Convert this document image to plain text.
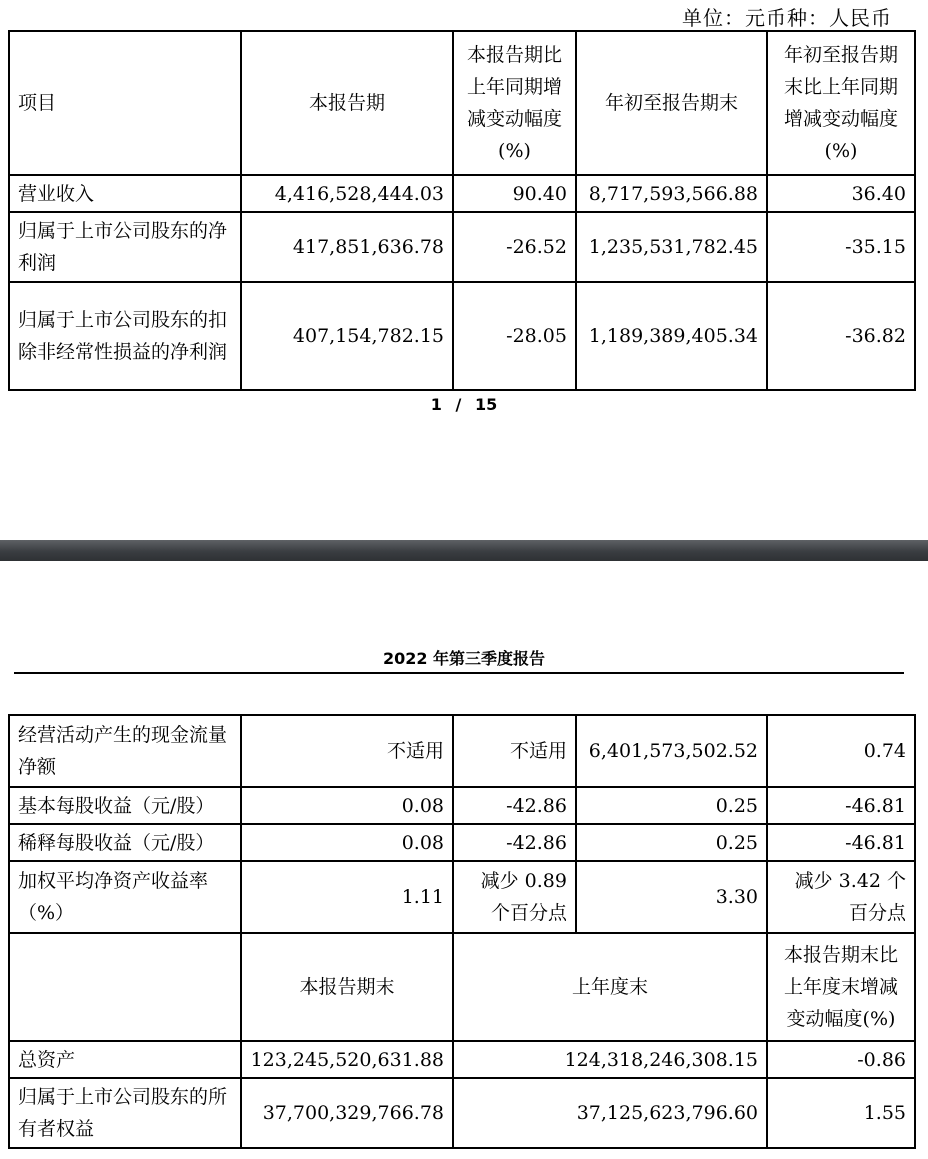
单位：元币种：人民币
项目	本报告期	本报告期比上年同期增减变动幅度(%)	年初至报告期末	年初至报告期末比上年同期增减变动幅度(%)
营业收入	4,416,528,444.03	90.40	8,717,593,566.88	36.40
归属于上市公司股东的净利润	417,851,636.78	-26.52	1,235,531,782.45	-35.15
归属于上市公司股东的扣除非经常性损益的净利润	407,154,782.15	-28.05	1,189,389,405.34	-36.82
1 / 15
2022 年第三季度报告
经营活动产生的现金流量净额	不适用	不适用	6,401,573,502.52	0.74
基本每股收益（元/股）	0.08	-42.86	0.25	-46.81
稀释每股收益（元/股）	0.08	-42.86	0.25	-46.81
加权平均净资产收益率（%）	1.11	减少 0.89 个百分点	3.30	减少 3.42 个百分点
	本报告期末	上年度末		本报告期末比上年度末增减变动幅度(%)
总资产	123,245,520,631.88	124,318,246,308.15		-0.86
归属于上市公司股东的所有者权益	37,700,329,766.78	37,125,623,796.60		1.55
